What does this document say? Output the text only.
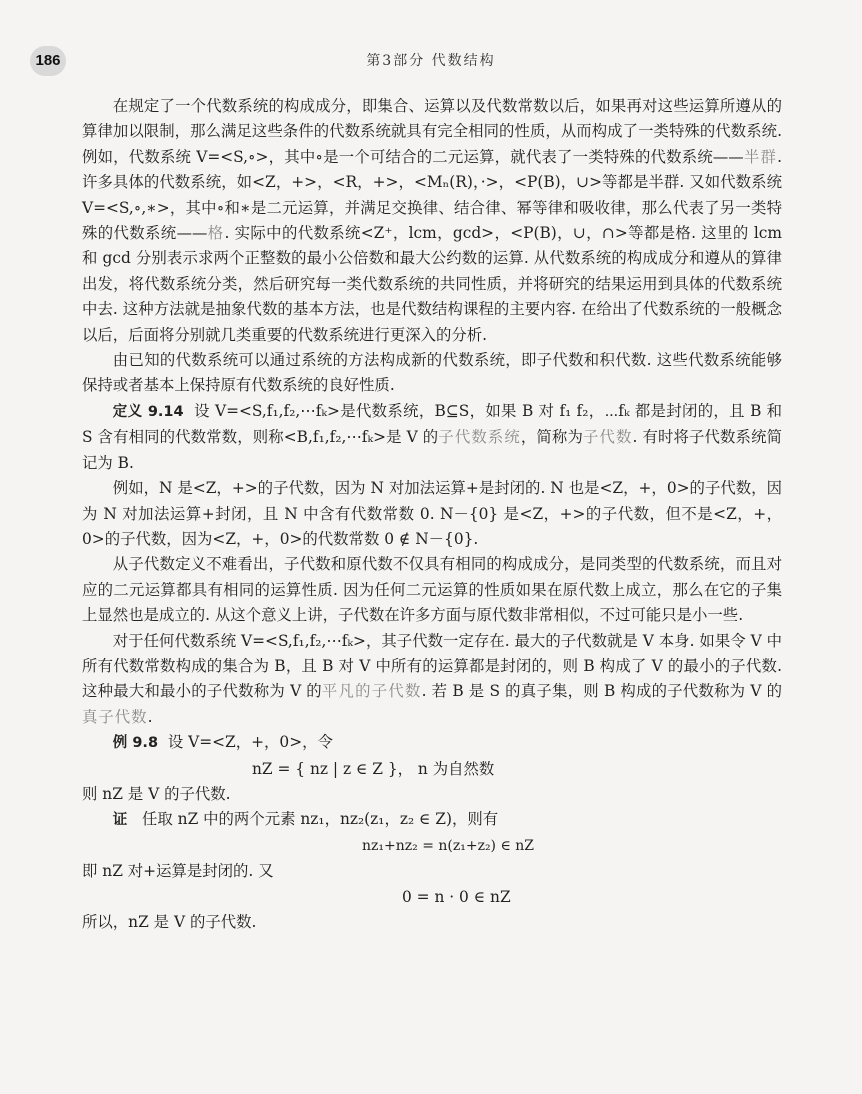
186	第3部分 代数结构

在规定了一个代数系统的构成成分，即集合、运算以及代数常数以后，如果再对这些运算所遵从的算律加以限制，那么满足这些条件的代数系统就具有完全相同的性质，从而构成了一类特殊的代数系统. 例如，代数系统 V=<S,∘>，其中∘是一个可结合的二元运算，就代表了一类特殊的代数系统——半群. 许多具体的代数系统，如<Z，+>，<R，+>，<Mₙ(R)，·>，<P(B)，∪>等都是半群. 又如代数系统 V=<S,∘,∗>，其中∘和∗是二元运算，并满足交换律、结合律、幂等律和吸收律，那么代表了另一类特殊的代数系统——格. 实际中的代数系统<Z⁺，lcm，gcd>，<P(B)，∪，∩>等都是格. 这里的 lcm 和 gcd 分别表示求两个正整数的最小公倍数和最大公约数的运算. 从代数系统的构成成分和遵从的算律出发，将代数系统分类，然后研究每一类代数系统的共同性质，并将研究的结果运用到具体的代数系统中去. 这种方法就是抽象代数的基本方法，也是代数结构课程的主要内容. 在给出了代数系统的一般概念以后，后面将分别就几类重要的代数系统进行更深入的分析.

由已知的代数系统可以通过系统的方法构成新的代数系统，即子代数和积代数. 这些代数系统能够保持或者基本上保持原有代数系统的良好性质.

定义 9.14 设 V=<S,f₁,f₂,⋯fₖ>是代数系统，B⊆S，如果 B 对 f₁ f₂，⋯fₖ 都是封闭的，且 B 和 S 含有相同的代数常数，则称<B,f₁,f₂,⋯fₖ>是 V 的子代数系统，简称为子代数. 有时将子代数系统简记为 B.

例如，N 是<Z，+>的子代数，因为 N 对加法运算+是封闭的. N 也是<Z，+，0>的子代数，因为 N 对加法运算+封闭，且 N 中含有代数常数 0. N－{0} 是<Z，+>的子代数，但不是<Z，+，0>的子代数，因为<Z，+，0>的代数常数 0 ∉ N－{0}.

从子代数定义不难看出，子代数和原代数不仅具有相同的构成成分，是同类型的代数系统，而且对应的二元运算都具有相同的运算性质. 因为任何二元运算的性质如果在原代数上成立，那么在它的子集上显然也是成立的. 从这个意义上讲，子代数在许多方面与原代数非常相似，不过可能只是小一些.

对于任何代数系统 V=<S,f₁,f₂,⋯fₖ>，其子代数一定存在. 最大的子代数就是 V 本身. 如果令 V 中所有代数常数构成的集合为 B，且 B 对 V 中所有的运算都是封闭的，则 B 构成了 V 的最小的子代数. 这种最大和最小的子代数称为 V 的平凡的子代数. 若 B 是 S 的真子集，则 B 构成的子代数称为 V 的真子代数.

例 9.8 设 V=<Z，+，0>，令

nZ = { nz | z ∈ Z }， n 为自然数

则 nZ 是 V 的子代数.

证 任取 nZ 中的两个元素 nz₁，nz₂(z₁，z₂ ∈ Z)，则有

nz₁+nz₂ = n(z₁+z₂) ∈ nZ

即 nZ 对+运算是封闭的. 又

0 = n · 0 ∈ nZ

所以，nZ 是 V 的子代数.
